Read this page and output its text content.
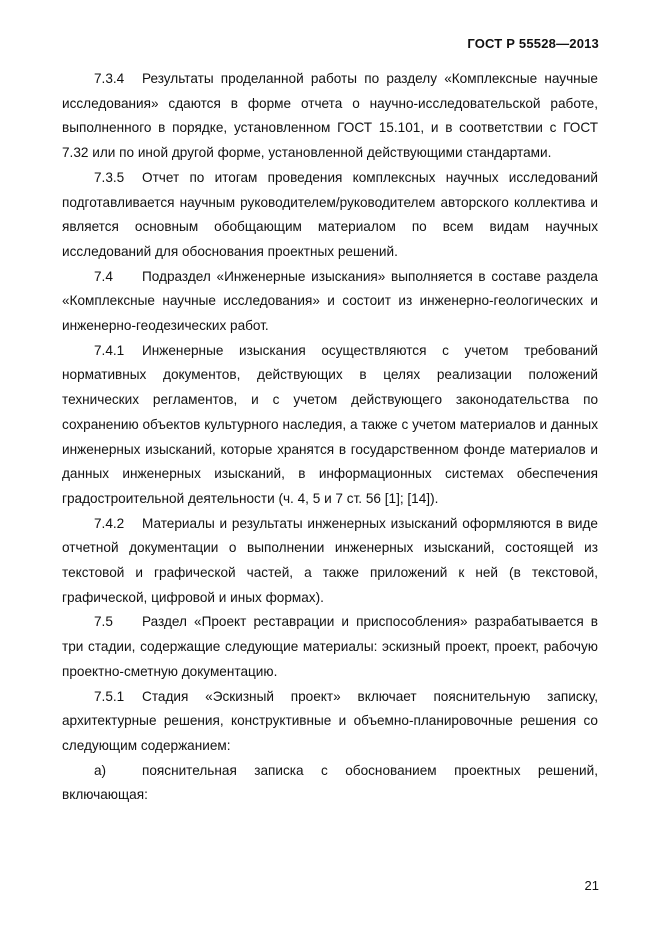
ГОСТ Р 55528—2013

7.3.4 Результаты проделанной работы по разделу «Комплексные научные исследования» сдаются в форме отчета о научно-исследовательской работе, выполненного в порядке, установленном ГОСТ 15.101, и в соответствии с ГОСТ 7.32 или по иной другой форме, установленной действующими стандартами.

7.3.5 Отчет по итогам проведения комплексных научных исследований подготавливается научным руководителем/руководителем авторского коллектива и является основным обобщающим материалом по всем видам научных исследований для обоснования проектных решений.

7.4 Подраздел «Инженерные изыскания» выполняется в составе раздела «Комплексные научные исследования» и состоит из инженерно-геологических и инженерно-геодезических работ.

7.4.1 Инженерные изыскания осуществляются с учетом требований нормативных документов, действующих в целях реализации положений технических регламентов, и с учетом действующего законодательства по сохранению объектов культурного наследия, а также с учетом материалов и данных инженерных изысканий, которые хранятся в государственном фонде материалов и данных инженерных изысканий, в информационных системах обеспечения градостроительной деятельности (ч. 4, 5 и 7 ст. 56 [1]; [14]).

7.4.2 Материалы и результаты инженерных изысканий оформляются в виде отчетной документации о выполнении инженерных изысканий, состоящей из текстовой и графической частей, а также приложений к ней (в текстовой, графической, цифровой и иных формах).

7.5 Раздел «Проект реставрации и приспособления» разрабатывается в три стадии, содержащие следующие материалы: эскизный проект, проект, рабочую проектно-сметную документацию.

7.5.1 Стадия «Эскизный проект» включает пояснительную записку, архитектурные решения, конструктивные и объемно-планировочные решения со следующим содержанием:

а)	пояснительная записка с обоснованием проектных решений, включающая:

21
